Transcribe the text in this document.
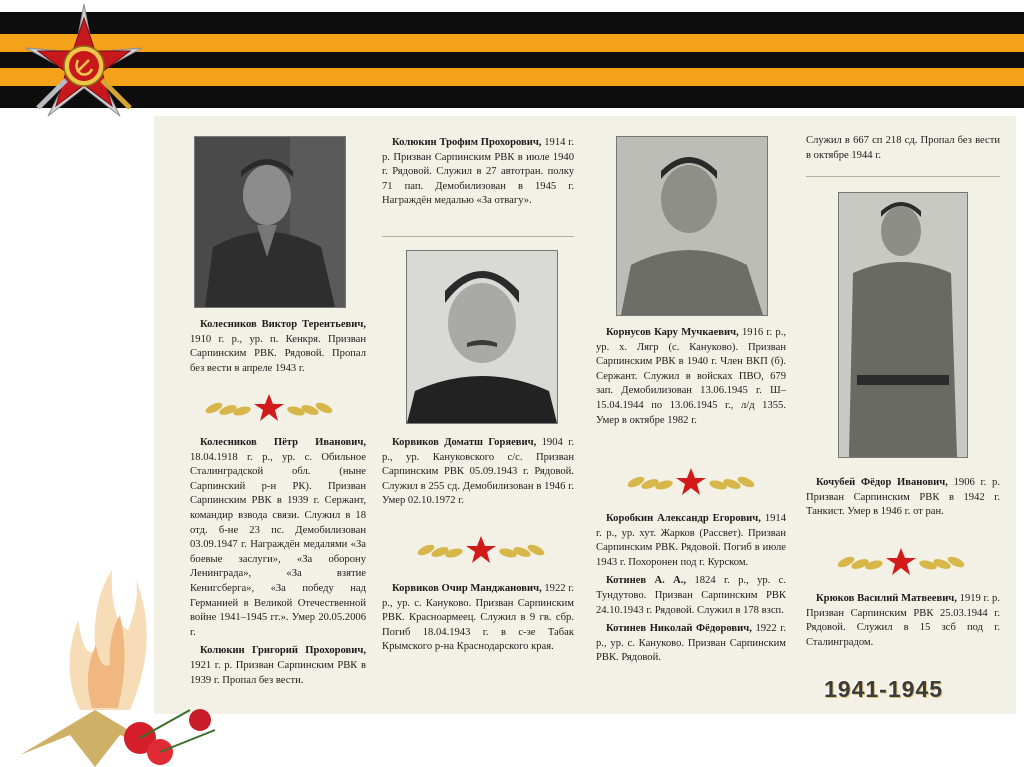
Колесников Виктор Терентьевич, 1910 г. р., ур. п. Кенкря. Призван Сарпинским РВК. Рядовой. Пропал без вести в апреле 1943 г.

Колесников Пётр Иванович, 18.04.1918 г. р., ур. с. Обильное Сталинградской обл. (ныне Сарпинский р-н РК). Призван Сарпинским РВК в 1939 г. Сержант, командир взвода связи. Служил в 18 отд. б-не 23 пс. Демобилизован 03.09.1947 г. Награждён медалями «За боевые заслуги», «За оборону Ленинграда», «За взятие Кенигсберга», «За победу над Германией в Великой Отечественной войне 1941–1945 гг.». Умер 20.05.2006 г.

Колюкин Григорий Прохорович, 1921 г. р. Призван Сарпинским РВК в 1939 г. Пропал без вести.

Колюкин Трофим Прохорович, 1914 г. р. Призван Сарпинским РВК в июле 1940 г. Рядовой. Служил в 27 автотран. полку 71 пап. Демобилизован в 1945 г. Награждён медалью «За отвагу».

Корвиков Доматш Горяевич, 1904 г. р., ур. Кануковского с/с. Призван Сарпинским РВК 05.09.1943 г. Рядовой. Служил в 255 сд. Демобилизован в 1946 г. Умер 02.10.1972 г.

Корвиков Очир Манджанович, 1922 г. р., ур. с. Кануково. Призван Сарпинским РВК. Красноармеец. Служил в 9 гв. сбр. Погиб 18.04.1943 г. в с-зе Табак Крымского р-на Краснодарского края.

Корнусов Кару Мучкаевич, 1916 г. р., ур. х. Лягр (с. Кануково). Призван Сарпинским РВК в 1940 г. Член ВКП (б). Сержант. Служил в войсках ПВО, 679 зап. Демобилизован 13.06.1945 г. Ш–15.04.1944 по 13.06.1945 г., л/д 1355. Умер в октябре 1982 г.

Коробкин Александр Егорович, 1914 г. р., ур. хут. Жарков (Рассвет). Призван Сарпинским РВК. Рядовой. Погиб в июле 1943 г. Похоронен под г. Курском.

Котинев А. А., 1824 г. р., ур. с. Тундутово. Призван Сарпинским РВК 24.10.1943 г. Рядовой. Служил в 178 взсп.

Котинев Николай Фёдорович, 1922 г. р., ур. с. Кануково. Призван Сарпинским РВК. Рядовой.

Служил в 667 сп 218 сд. Пропал без вести в октябре 1944 г.

Кочубей Фёдор Иванович, 1906 г. р. Призван Сарпинским РВК в 1942 г. Танкист. Умер в 1946 г. от ран.

Крюков Василий Матвеевич, 1919 г. р. Призван Сарпинским РВК 25.03.1944 г. Рядовой. Служил в 15 зсб под г. Сталинградом.

1941-1945
